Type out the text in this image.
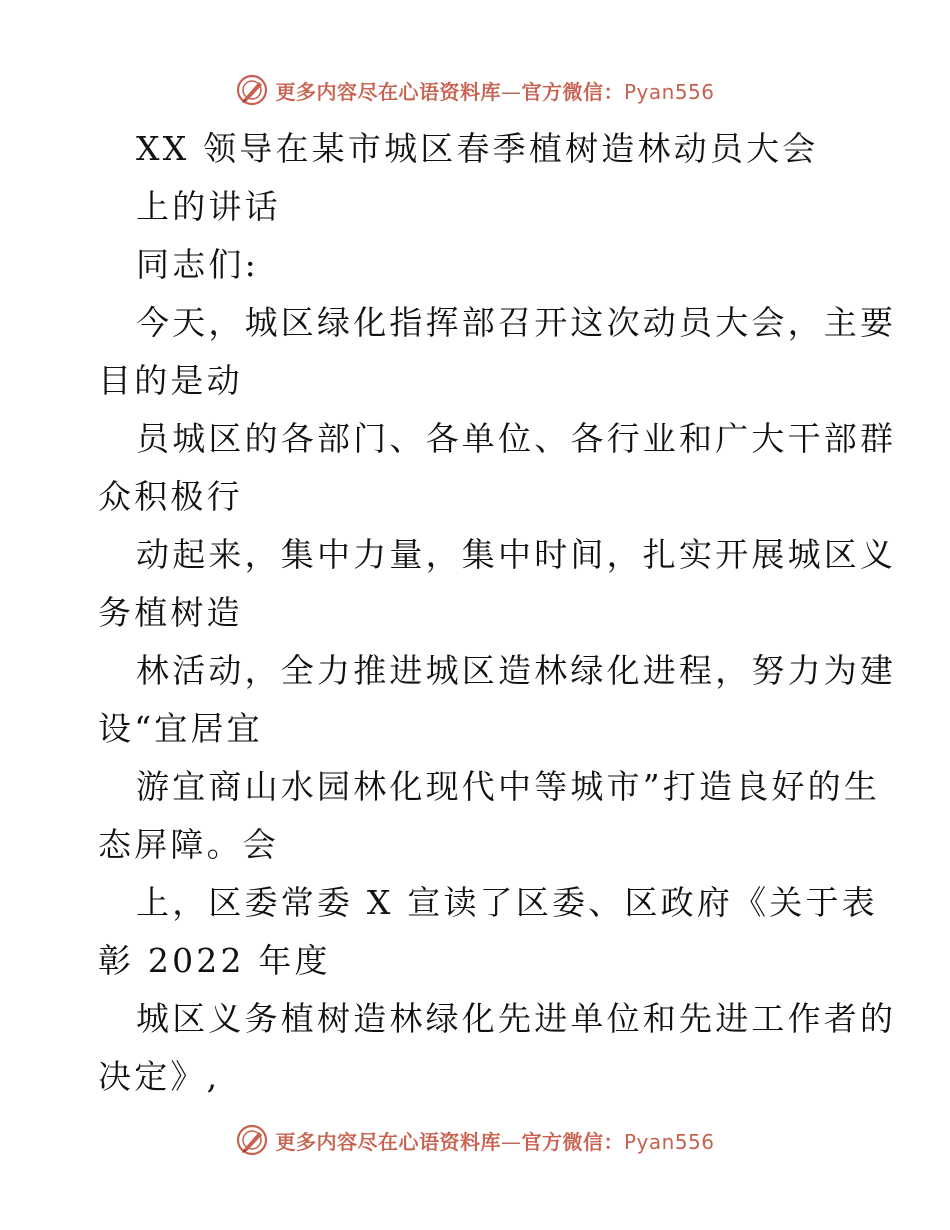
更多内容尽在心语资料库—官方微信：Pyan556
XX 领导在某市城区春季植树造林动员大会
上的讲话
同志们:
今天，城区绿化指挥部召开这次动员大会，主要
目的是动
员城区的各部门、各单位、各行业和广大干部群
众积极行
动起来，集中力量，集中时间，扎实开展城区义
务植树造
林活动，全力推进城区造林绿化进程，努力为建
设“宜居宜
游宜商山水园林化现代中等城市”打造良好的生
态屏障。会
上，区委常委 X 宣读了区委、区政府《关于表
彰 2022 年度
城区义务植树造林绿化先进单位和先进工作者的
决定》,
更多内容尽在心语资料库—官方微信：Pyan556
